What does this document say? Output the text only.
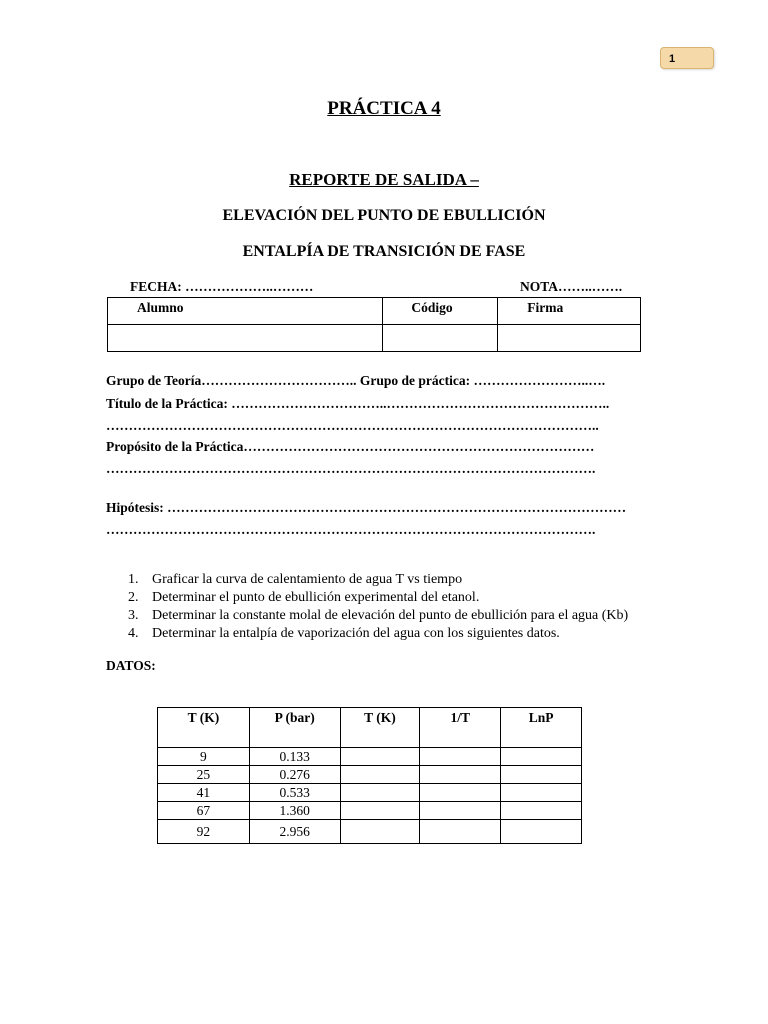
1
PRÁCTICA 4
REPORTE DE SALIDA –
ELEVACIÓN DEL PUNTO DE EBULLICIÓN
ENTALPÍA DE TRANSICIÓN DE FASE
FECHA: ………………..………	NOTA……..…….
Alumno	Código	Firma

Grupo de Teoría…………………………….. Grupo de práctica: ……………………..….
Título de la Práctica: ……………………………..…………………………………………..
………………………………………………………………………………………………..
Propósito de la Práctica……………………………………………………………………
……………………………………………………………………………………………….
Hipótesis: …………………………………………………………………………………………
……………………………………………………………………………………………….
1. Graficar la curva de calentamiento de agua T vs tiempo
2. Determinar el punto de ebullición experimental del etanol.
3. Determinar la constante molal de elevación del punto de ebullición para el agua (Kb)
4. Determinar la entalpía de vaporización del agua con los siguientes datos.
DATOS:
T (K)	P (bar)	T (K)	1/T	LnP
9	0.133			
25	0.276			
41	0.533			
67	1.360			
92	2.956			
